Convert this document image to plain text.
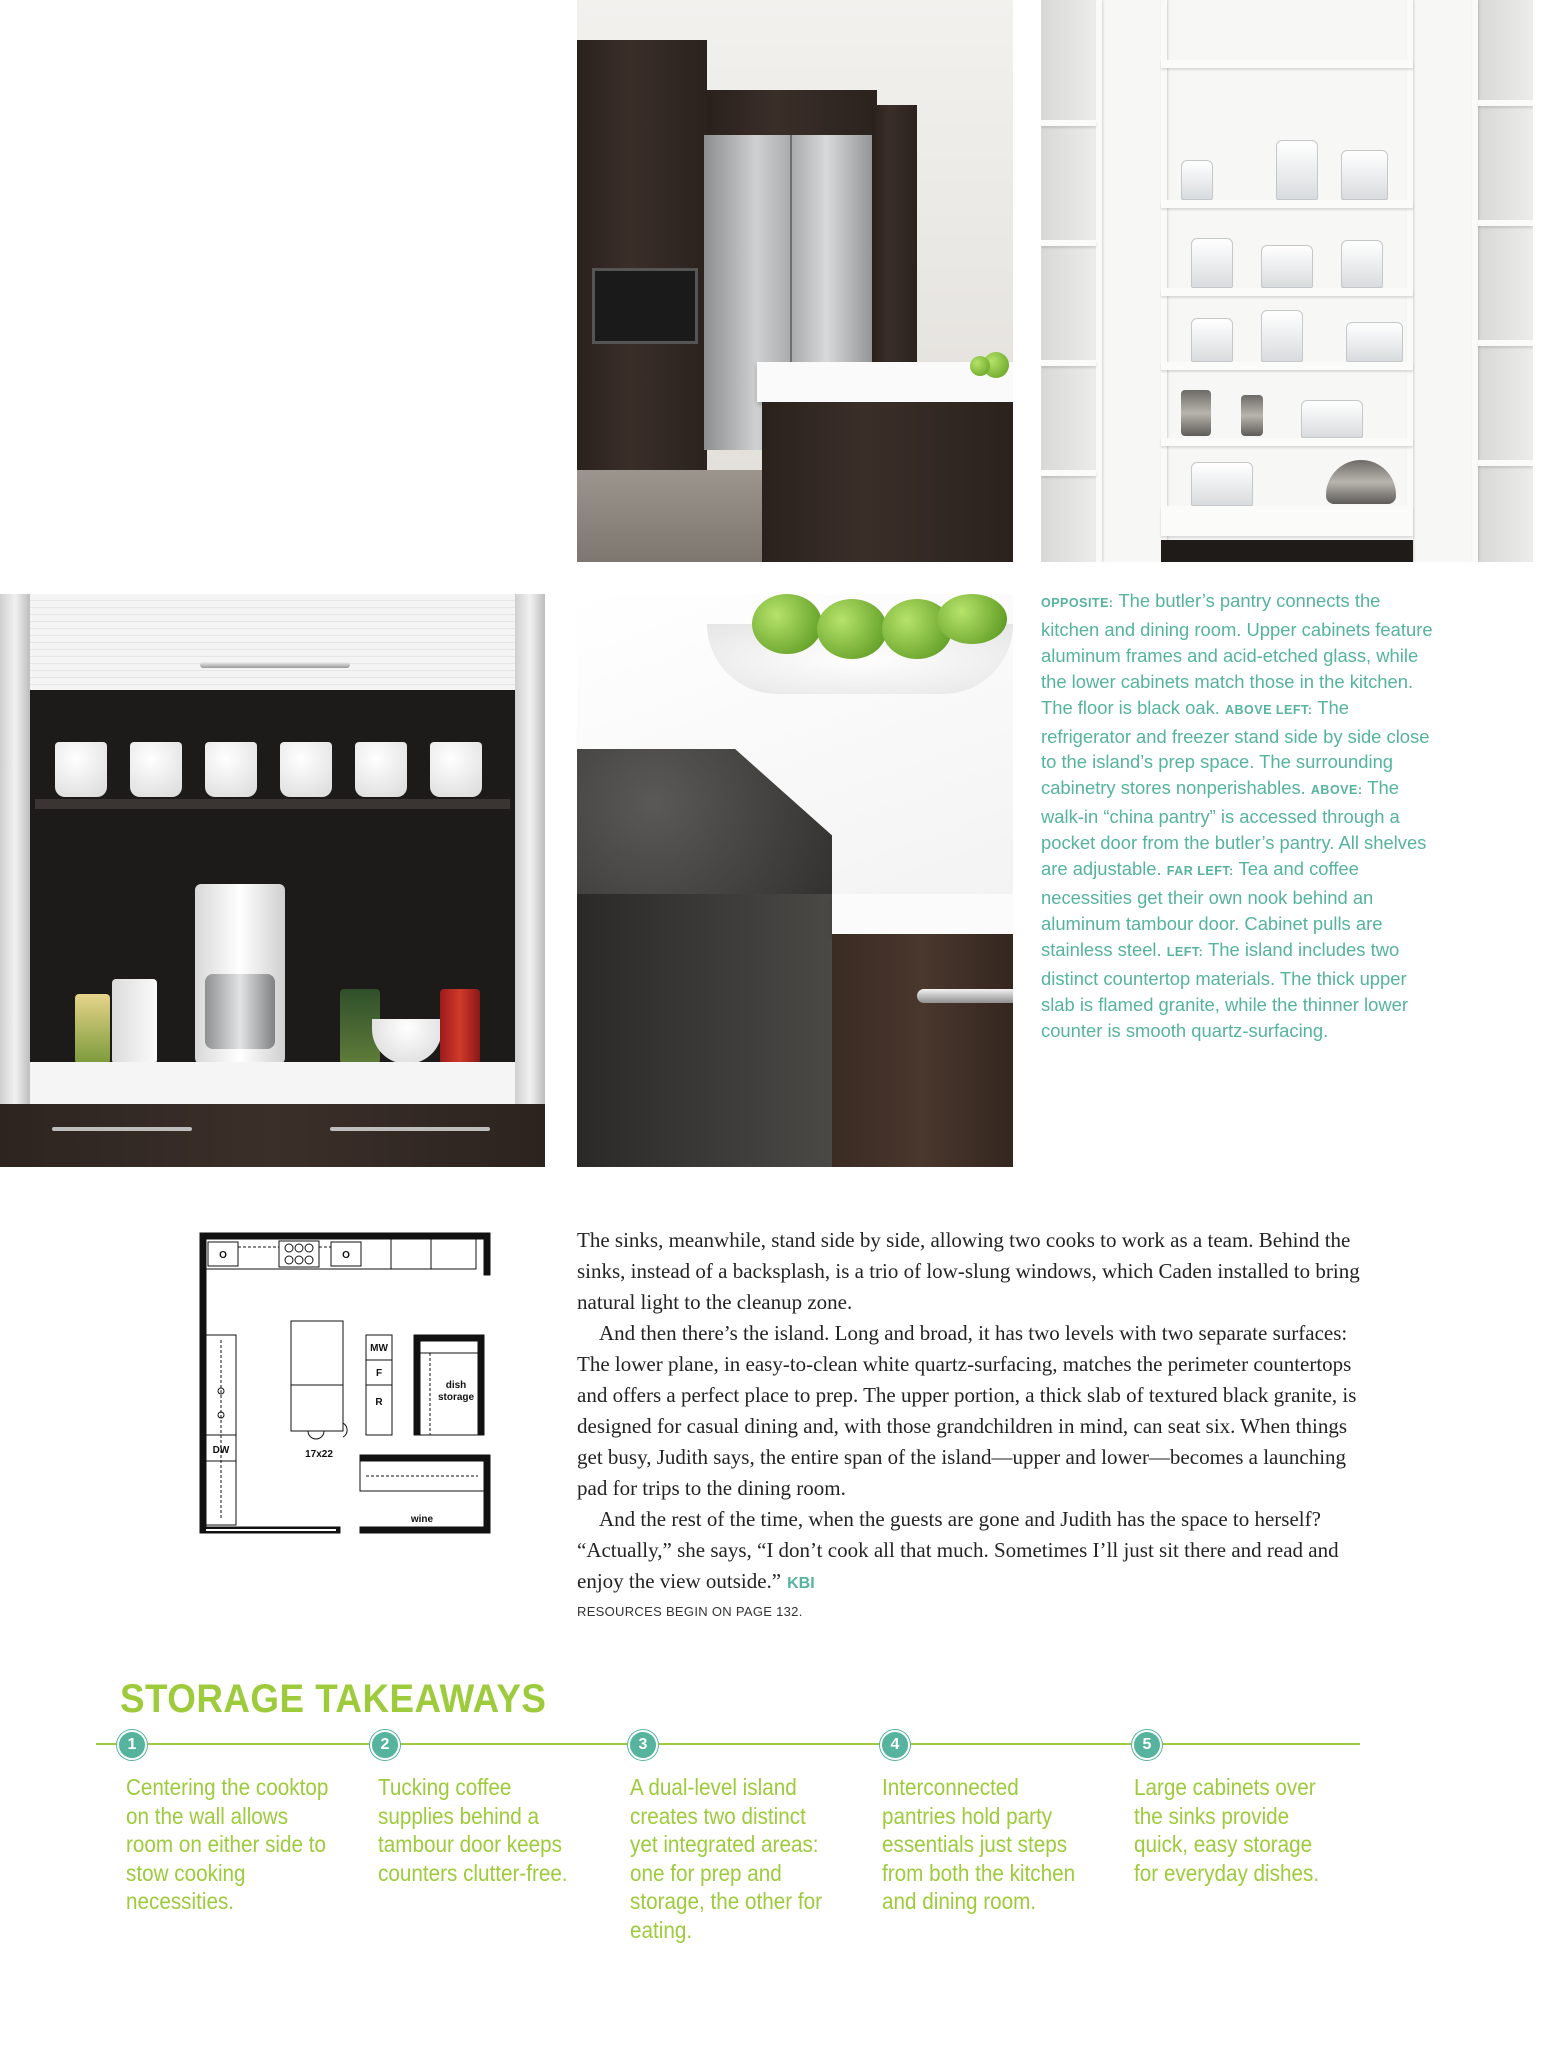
OPPOSITE: The butler’s pantry connects the kitchen and dining room. Upper cabinets feature aluminum frames and acid-etched glass, while the lower cabinets match those in the kitchen. The floor is black oak. ABOVE LEFT: The refrigerator and freezer stand side by side close to the island’s prep space. The surrounding cabinetry stores nonperishables. ABOVE: The walk-in “china pantry” is accessed through a pocket door from the butler’s pantry. All shelves are adjustable. FAR LEFT: Tea and coffee necessities get their own nook behind an aluminum tambour door. Cabinet pulls are stainless steel. LEFT: The island includes two distinct countertop materials. The thick upper slab is flamed granite, while the thinner lower counter is smooth quartz-surfacing.
O	O
MW
F
R
dish
storage
DW	17x22
wine

The sinks, meanwhile, stand side by side, allowing two cooks to work as a team. Behind the sinks, instead of a backsplash, is a trio of low-slung windows, which Caden installed to bring natural light to the cleanup zone.

And then there’s the island. Long and broad, it has two levels with two separate surfaces: The lower plane, in easy-to-clean white quartz-surfacing, matches the perimeter countertops and offers a perfect place to prep. The upper portion, a thick slab of textured black granite, is designed for casual dining and, with those grandchildren in mind, can seat six. When things get busy, Judith says, the entire span of the island—upper and lower—becomes a launching pad for trips to the dining room.

And the rest of the time, when the guests are gone and Judith has the space to herself? “Actually,” she says, “I don’t cook all that much. Sometimes I’ll just sit there and read and enjoy the view outside.” KBI

RESOURCES BEGIN ON PAGE 132.
STORAGE TAKEAWAYS
1	2	3	4	5
Centering the cooktop on the wall allows room on either side to stow cooking necessities.
Tucking coffee supplies behind a tambour door keeps counters clutter-free.
A dual-level island creates two distinct yet integrated areas: one for prep and storage, the other for eating.
Interconnected pantries hold party essentials just steps from both the kitchen and dining room.
Large cabinets over the sinks provide quick, easy storage for everyday dishes.
